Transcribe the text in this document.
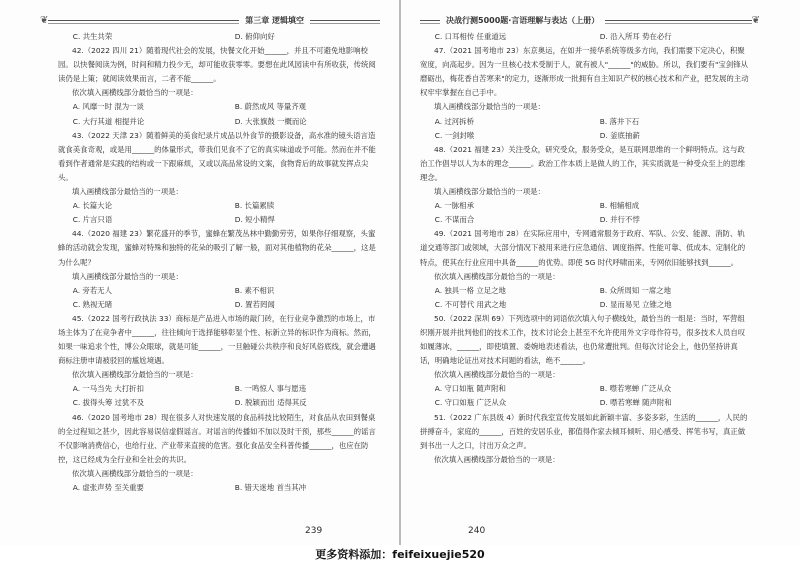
　　C. 共生共荣	　　D. 俯仰向好

42.（2022 四川 21）随着现代社会的发展，快餐文化开始______，并且不可避免地影响校园。以快餐阅读为例，时间和精力投少无，却可能收获零零。要想在此风园读中有所收获，传统阅读仍是上策；就阅读效果而言，二者不能______。

依次填入画横线部分最恰当的一项是：

　　A. 风靡一时 混为一谈	　　B. 蔚然成风 等量齐观
　　C. 大行其道 相提并论	　　D. 大张旗鼓 一概而论

43.（2022 天津 23）随着鲜美的美食纪录片成品以外食节的摄影设备，高水准的镜头语言造就食美食奇观，或是用______的体量形式，带我们见食不了它的真实味道或予可能。然而在并不能看到作者通常是实践的结构或一下跟麻烦，又或以高品常设的文案，食物背后的故事就发挥点尖头。

填入画横线部分最恰当的一项是：

　　A. 长篇大论	　　B. 长篇累牍
　　C. 片言只语	　　D. 短小精悍

44.（2020 福建 23）繁花盛开的季节，蜜蜂在繁茂丛林中勤勤劳劳，如果你仔细观察，头蜜蜂的活动就会发现，蜜蜂对特殊和独特的花朵的吸引了解一般，面对其他植物的花朵______，这是为什么呢？

填入画横线部分最恰当的一项是：

　　A. 旁若无人	　　B. 素不相识
　　C. 熟视无睹	　　D. 置若罔闻

45.（2022 国考行政执法 33）商标是产品进入市场的敲门砖，在行业竞争激烈的市场上，市场主体为了在竞争者中______，往往倾向于选择能够彰显个性、标新立异的标识作为商标。然而，如果一味追求个性，博公众眼球，就是可能______，一旦触碰公共秩序和良好风俗底线，就会遭遇商标注册申请被驳回的尴尬境遇。

依次填入画横线部分最恰当的一项是：

　　A. 一马当先 大打折扣	　　B. 一鸣惊人 事与愿违
　　C. 拔得头筹 过犹不及	　　D. 脱颖而出 适得其反

46.（2020 国考地市 28）现在很多人对快速发展的食品科技比较陌生，对食品从农田到餐桌的全过程知之甚少，因此容易误信虚假谣言。对谣言的传播如不加以及时干预，那些______的谣言不仅影响消费信心，也给行业、产业带来直接的危害。强化食品安全科普传播______，也应在防控，这已经成为全行业和全社会的共识。

依次填入画横线部分最恰当的一项是：

　　A. 虚张声势 至关重要	　　B. 错天迷地 首当其冲
　　C. 口耳相传 任重道远	　　D. 沿入所耳 势在必行

47.（2021 国考地市 23）东京奥运，在如并一接华系统等级多方向，我们需要下定决心，积聚宽度，向高起步。因为一旦核心技术受制于人，就有被人"______"的威胁。所以，我们要有"宝剑锋从磨砺出，梅花香自苦寒来"的定力，逐渐形成一批拥有自主知识产权的核心技术和产业，把发展的主动权牢牢掌握在自己手中。

填入画横线部分最恰当的一项是：

　　A. 过河拆桥	　　B. 落井下石
　　C. 一剑封喉	　　D. 釜底抽薪

48.（2021 福建 23）关注受众，研究受众，服务受众，是互联网思维的一个鲜明特点。这与政治工作倡导以人为本的理念______。政治工作本质上是做人的工作，其实质就是一种受众至上的思维理念。

填入画横线部分最恰当的一项是：

　　A. 一脉相承	　　B. 相辅相成
　　C. 不谋而合	　　D. 并行不悖

49.（2021 国考地市 28）在实际应用中，专网通常服务于政府、军队、公安、能源、消防、轨道交通等部门或领域，大部分情况下被用来进行应急通信、调度指挥。性能可靠、低成本、定制化的特点，使其在行业应用中具备______的优势。即使 5G 时代呼啸而来，专网依旧能够找到______。

依次填入画横线部分最恰当的一项是：

　　A. 独具一格 立足之地	　　B. 众所周知 一席之地
　　C. 不可替代 用武之地	　　D. 显而易见 立锥之地

50.（2022 深圳 69）下列选项中的词语依次填入句子横线处，最恰当的一组是：当时，军营组织刚开展并批判他们的技术工作，技术讨论会上甚至不允许使用外文字母作符号，很多技术人员自叹如履薄冰，______，即使填置、委婉地表述看法，也仍常遭批判。但每次讨论会上，他仍坚持讲真话，明确地论证出对技术问题的看法，绝不______。

依次填入画横线部分最恰当的一项是：

　　A. 守口如瓶 随声附和	　　B. 噤若寒蝉 广泛从众
　　C. 守口如瓶 广泛从众	　　D. 噤若寒蝉 随声附和

51.（2022 广东县级 4）新时代我室宣传发展如此新颖丰富、多姿多彩，生活的______，人民的拼搏奋斗，家庭的______，百姓的安居乐业，都值得作家去倾耳倾听、用心感受、挥笔书写，真正做到书出一人之口，讨出万众之声。

依次填入画横线部分最恰当的一项是：

❦	第三章 逻辑填空	决战行测5000题·言语理解与表达（上册）	❦
239	240
更多资料添加：feifeixuejie520
